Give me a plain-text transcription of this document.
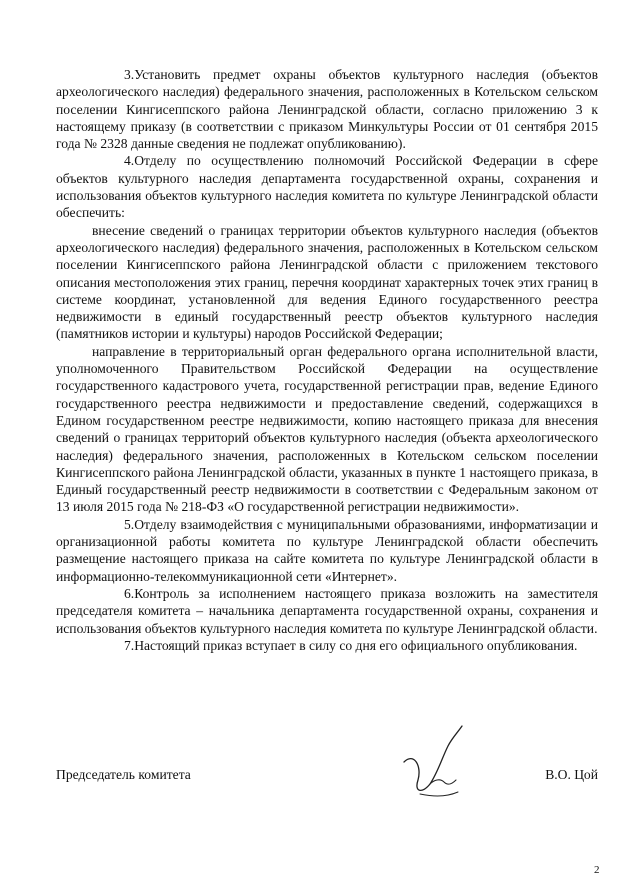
3.Установить предмет охраны объектов культурного наследия (объектов археологического наследия) федерального значения, расположенных в Котельском сельском поселении Кингисеппского района Ленинградской области, согласно приложению 3 к настоящему приказу (в соответствии с приказом Минкультуры России от 01 сентября 2015 года № 2328 данные сведения не подлежат опубликованию).

4.Отделу по осуществлению полномочий Российской Федерации в сфере объектов культурного наследия департамента государственной охраны, сохранения и использования объектов культурного наследия комитета по культуре Ленинградской области обеспечить:

внесение сведений о границах территории объектов культурного наследия (объектов археологического наследия) федерального значения, расположенных в Котельском сельском поселении Кингисеппского района Ленинградской области с приложением текстового описания местоположения этих границ, перечня координат характерных точек этих границ в системе координат, установленной для ведения Единого государственного реестра недвижимости в единый государственный реестр объектов культурного наследия (памятников истории и культуры) народов Российской Федерации;

направление в территориальный орган федерального органа исполнительной власти, уполномоченного Правительством Российской Федерации на осуществление государственного кадастрового учета, государственной регистрации прав, ведение Единого государственного реестра недвижимости и предоставление сведений, содержащихся в Едином государственном реестре недвижимости, копию настоящего приказа для внесения сведений о границах территорий объектов культурного наследия (объекта археологического наследия) федерального значения, расположенных в Котельском сельском поселении Кингисеппского района Ленинградской области, указанных в пункте 1 настоящего приказа, в Единый государственный реестр недвижимости в соответствии с Федеральным законом от 13 июля 2015 года № 218-ФЗ «О государственной регистрации недвижимости».

5.Отделу взаимодействия с муниципальными образованиями, информатизации и организационной работы комитета по культуре Ленинградской области обеспечить размещение настоящего приказа на сайте комитета по культуре Ленинградской области в информационно-телекоммуникационной сети «Интернет».

6.Контроль за исполнением настоящего приказа возложить на заместителя председателя комитета – начальника департамента государственной охраны, сохранения и использования объектов культурного наследия комитета по культуре Ленинградской области.

7.Настоящий приказ вступает в силу со дня его официального опубликования.

Председатель комитета	В.О. Цой
2
